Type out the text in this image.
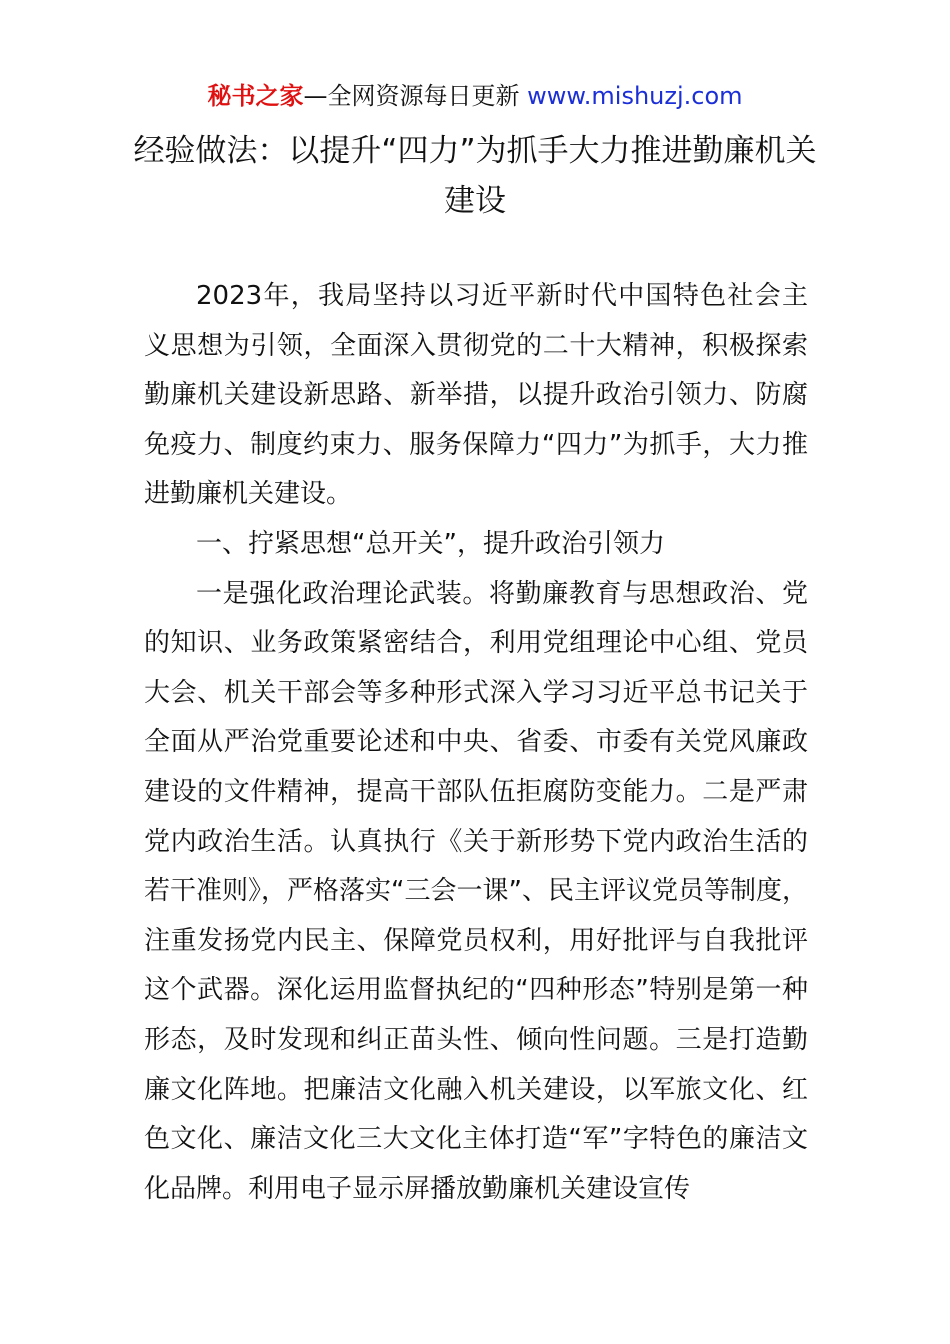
秘书之家—全网资源每日更新 www.mishuzj.com
经验做法：以提升“四力”为抓手大力推进勤廉机关建设

2023年，我局坚持以习近平新时代中国特色社会主义思想为引领，全面深入贯彻党的二十大精神，积极探索勤廉机关建设新思路、新举措，以提升政治引领力、防腐免疫力、制度约束力、服务保障力“四力”为抓手，大力推进勤廉机关建设。

一、拧紧思想“总开关”，提升政治引领力

一是强化政治理论武装。将勤廉教育与思想政治、党的知识、业务政策紧密结合，利用党组理论中心组、党员大会、机关干部会等多种形式深入学习习近平总书记关于全面从严治党重要论述和中央、省委、市委有关党风廉政建设的文件精神，提高干部队伍拒腐防变能力。二是严肃党内政治生活。认真执行《关于新形势下党内政治生活的若干准则》，严格落实“三会一课”、民主评议党员等制度，注重发扬党内民主、保障党员权利，用好批评与自我批评这个武器。深化运用监督执纪的“四种形态”特别是第一种形态，及时发现和纠正苗头性、倾向性问题。三是打造勤廉文化阵地。把廉洁文化融入机关建设，以军旅文化、红色文化、廉洁文化三大文化主体打造“军”字特色的廉洁文化品牌。利用电子显示屏播放勤廉机关建设宣传
